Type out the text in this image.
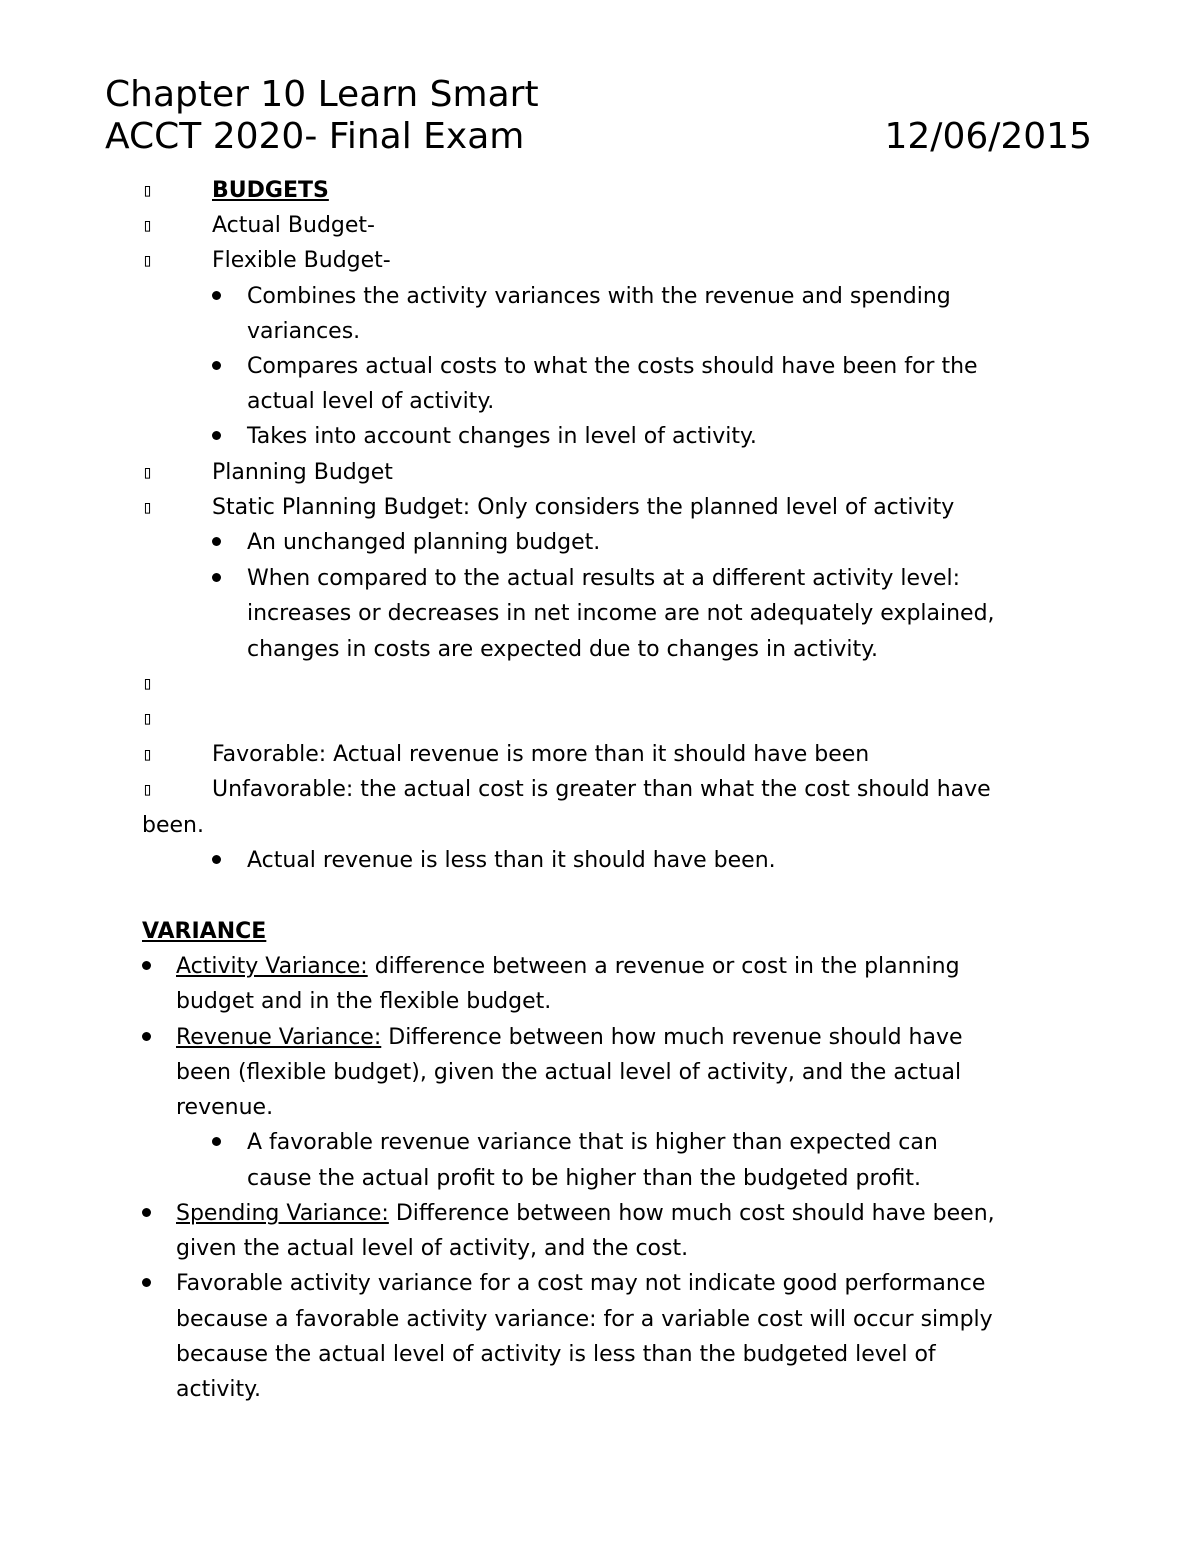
Chapter 10 Learn Smart
ACCT 2020- Final Exam	12/06/2015
▯	BUDGETS
▯	Actual Budget-
▯	Flexible Budget-
Combines the activity variances with the revenue and spending
variances.
Compares actual costs to what the costs should have been for the
actual level of activity.
Takes into account changes in level of activity.
▯	Planning Budget
▯	Static Planning Budget: Only considers the planned level of activity
An unchanged planning budget.
When compared to the actual results at a different activity level:
increases or decreases in net income are not adequately explained,
changes in costs are expected due to changes in activity.
▯
▯
▯	Favorable: Actual revenue is more than it should have been
▯	Unfavorable: the actual cost is greater than what the cost should have
been.
Actual revenue is less than it should have been.
VARIANCE
Activity Variance: difference between a revenue or cost in the planning
budget and in the flexible budget.
Revenue Variance: Difference between how much revenue should have
been (flexible budget), given the actual level of activity, and the actual
revenue.
A favorable revenue variance that is higher than expected can
cause the actual profit to be higher than the budgeted profit.
Spending Variance: Difference between how much cost should have been,
given the actual level of activity, and the cost.
Favorable activity variance for a cost may not indicate good performance
because a favorable activity variance: for a variable cost will occur simply
because the actual level of activity is less than the budgeted level of
activity.
